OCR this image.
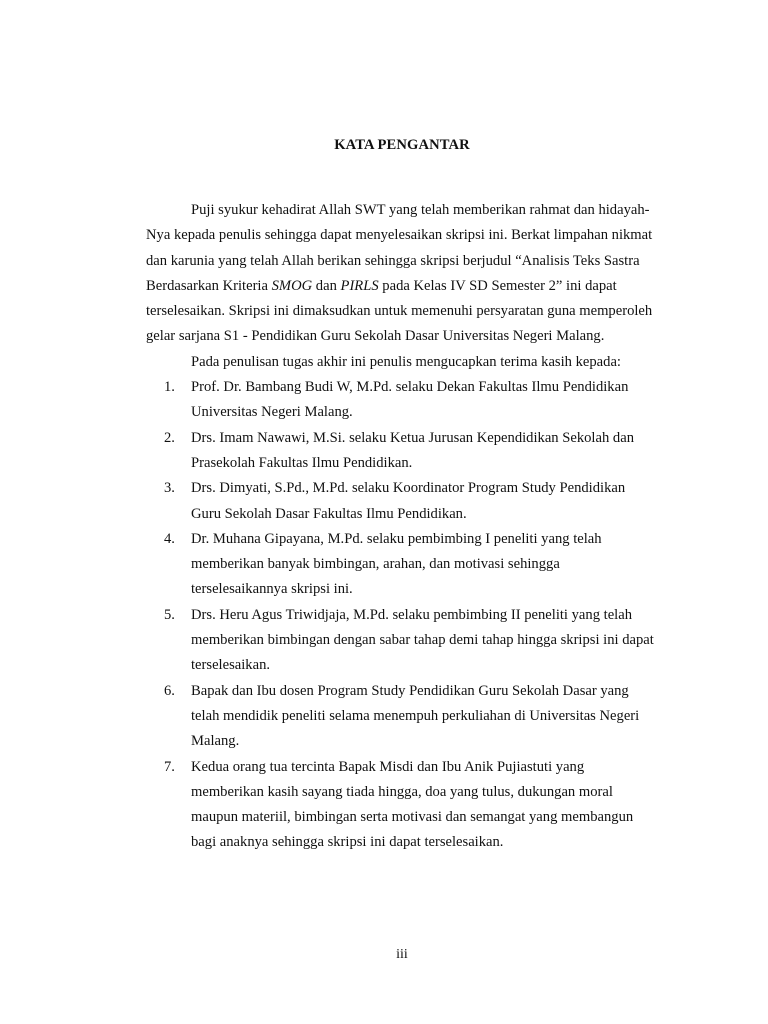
KATA PENGANTAR

Puji syukur kehadirat Allah SWT yang telah memberikan rahmat dan hidayah-Nya kepada penulis sehingga dapat menyelesaikan skripsi ini. Berkat limpahan nikmat dan karunia yang telah Allah berikan sehingga skripsi berjudul “Analisis Teks Sastra Berdasarkan Kriteria SMOG dan PIRLS pada Kelas IV SD Semester 2” ini dapat terselesaikan. Skripsi ini dimaksudkan untuk memenuhi persyaratan guna memperoleh gelar sarjana S1 - Pendidikan Guru Sekolah Dasar Universitas Negeri Malang.

Pada penulisan tugas akhir ini penulis mengucapkan terima kasih kepada:

1. Prof. Dr. Bambang Budi W, M.Pd. selaku Dekan Fakultas Ilmu Pendidikan Universitas Negeri Malang.
2. Drs. Imam Nawawi, M.Si. selaku Ketua Jurusan Kependidikan Sekolah dan Prasekolah Fakultas Ilmu Pendidikan.
3. Drs. Dimyati, S.Pd., M.Pd. selaku Koordinator Program Study Pendidikan Guru Sekolah Dasar Fakultas Ilmu Pendidikan.
4. Dr. Muhana Gipayana, M.Pd. selaku pembimbing I peneliti yang telah memberikan banyak bimbingan, arahan, dan motivasi sehingga terselesaikannya skripsi ini.
5. Drs. Heru Agus Triwidjaja, M.Pd. selaku pembimbing II peneliti yang telah memberikan bimbingan dengan sabar tahap demi tahap hingga skripsi ini dapat terselesaikan.
6. Bapak dan Ibu dosen Program Study Pendidikan Guru Sekolah Dasar yang telah mendidik peneliti selama menempuh perkuliahan di Universitas Negeri Malang.
7. Kedua orang tua tercinta Bapak Misdi dan Ibu Anik Pujiastuti yang memberikan kasih sayang tiada hingga, doa yang tulus, dukungan moral maupun materiil, bimbingan serta motivasi dan semangat yang membangun bagi anaknya sehingga skripsi ini dapat terselesaikan.
iii
